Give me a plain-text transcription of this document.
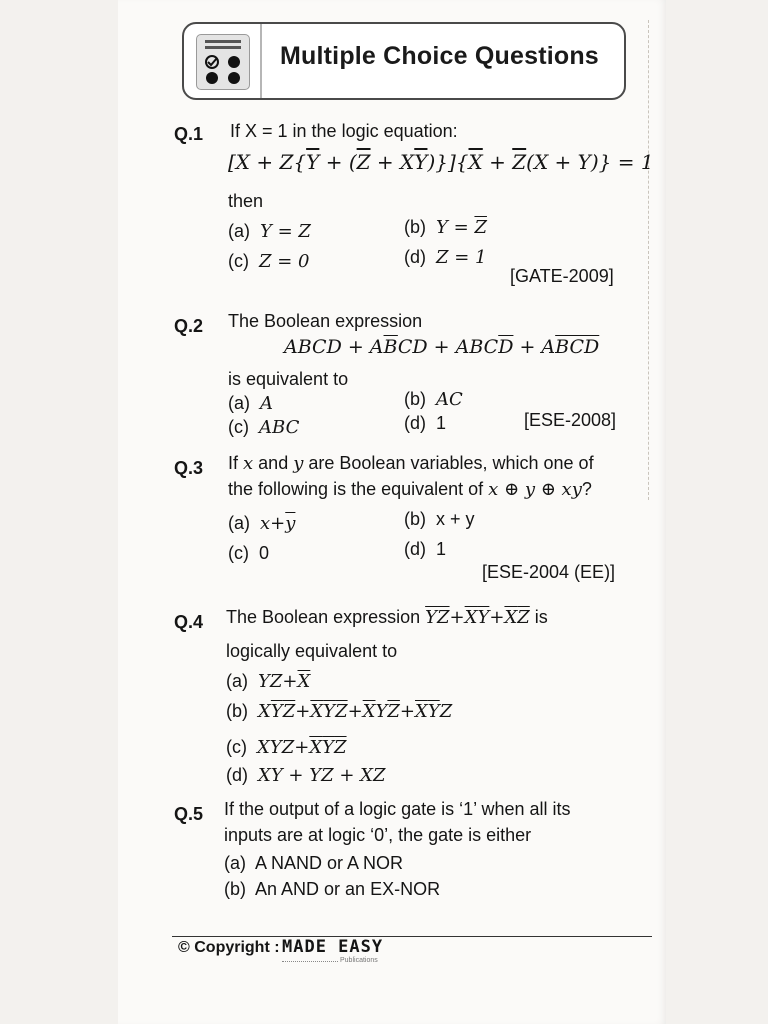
Multiple Choice Questions
Q.1 If X = 1 in the logic equation:
$[X + Z\{\overline{Y} + (\overline{Z} + X\overline{Y})\}]\{\overline{X} + \overline{Z}(X + Y)\} = 1$
then
(a) Y = Z	(b) $Y = \overline{Z}$
(c) Z = 0	(d) Z = 1
[GATE-2009]
Q.2 The Boolean expression
ABCD + $A\overline{B}CD + ABC\overline{D} + A\overline{BCD}$
is equivalent to
(a) A	(b) AC
(c) ABC	(d) 1	[ESE-2008]
Q.3 If x and y are Boolean variables, which one of
the following is the equivalent of x ⊕ y ⊕ xy?
(a) $x+\overline{y}$	(b) x + y
(c) 0	(d) 1
[ESE-2004 (EE)]
Q.4 The Boolean expression $\overline{Y}\overline{Z}+\overline{X}\overline{Y}+\overline{X}\overline{Z}$ is
logically equivalent to
(a) $YZ+\overline{X}$
(b) $X\overline{Y}\overline{Z}+\overline{X}\overline{Y}\overline{Z}+\overline{X}Y\overline{Z}+\overline{X}\overline{Y}Z$
(c) $XYZ+\overline{X}\overline{Y}\overline{Z}$
(d) XY + YZ + XZ
Q.5 If the output of a logic gate is ‘1’ when all its
inputs are at logic ‘0’, the gate is either
(a) A NAND or A NOR
(b) An AND or an EX-NOR
© Copyright : MADE EASY
Publications
